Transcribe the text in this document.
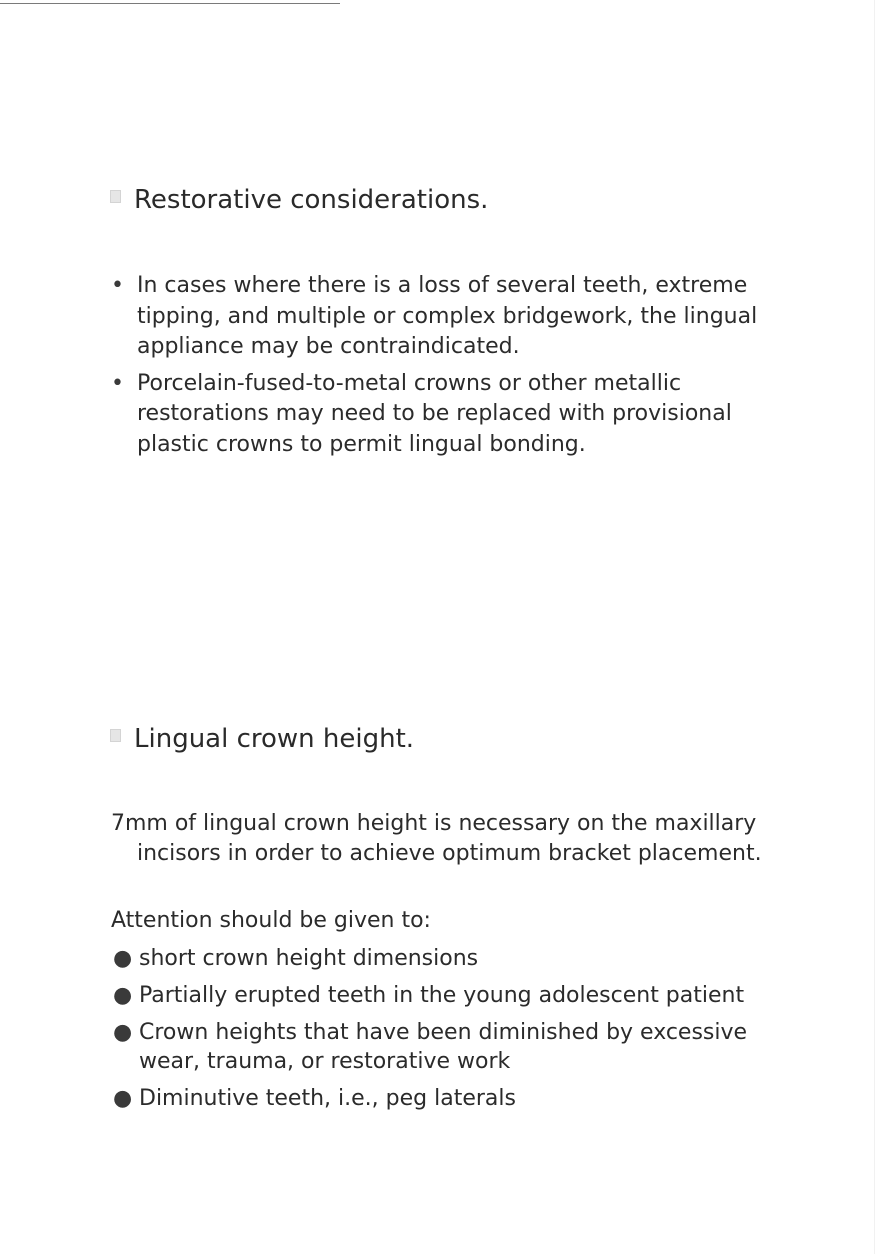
Restorative considerations.
• In cases where there is a loss of several teeth, extreme tipping, and multiple or complex bridgework, the lingual appliance may be contraindicated.
• Porcelain-fused-to-metal crowns or other metallic restorations may need to be replaced with provisional plastic crowns to permit lingual bonding.
Lingual crown height.

7mm of lingual crown height is necessary on the maxillary incisors in order to achieve optimum bracket placement.

Attention should be given to:

● short crown height dimensions
● Partially erupted teeth in the young adolescent patient
● Crown heights that have been diminished by excessive wear, trauma, or restorative work
● Diminutive teeth, i.e., peg laterals
